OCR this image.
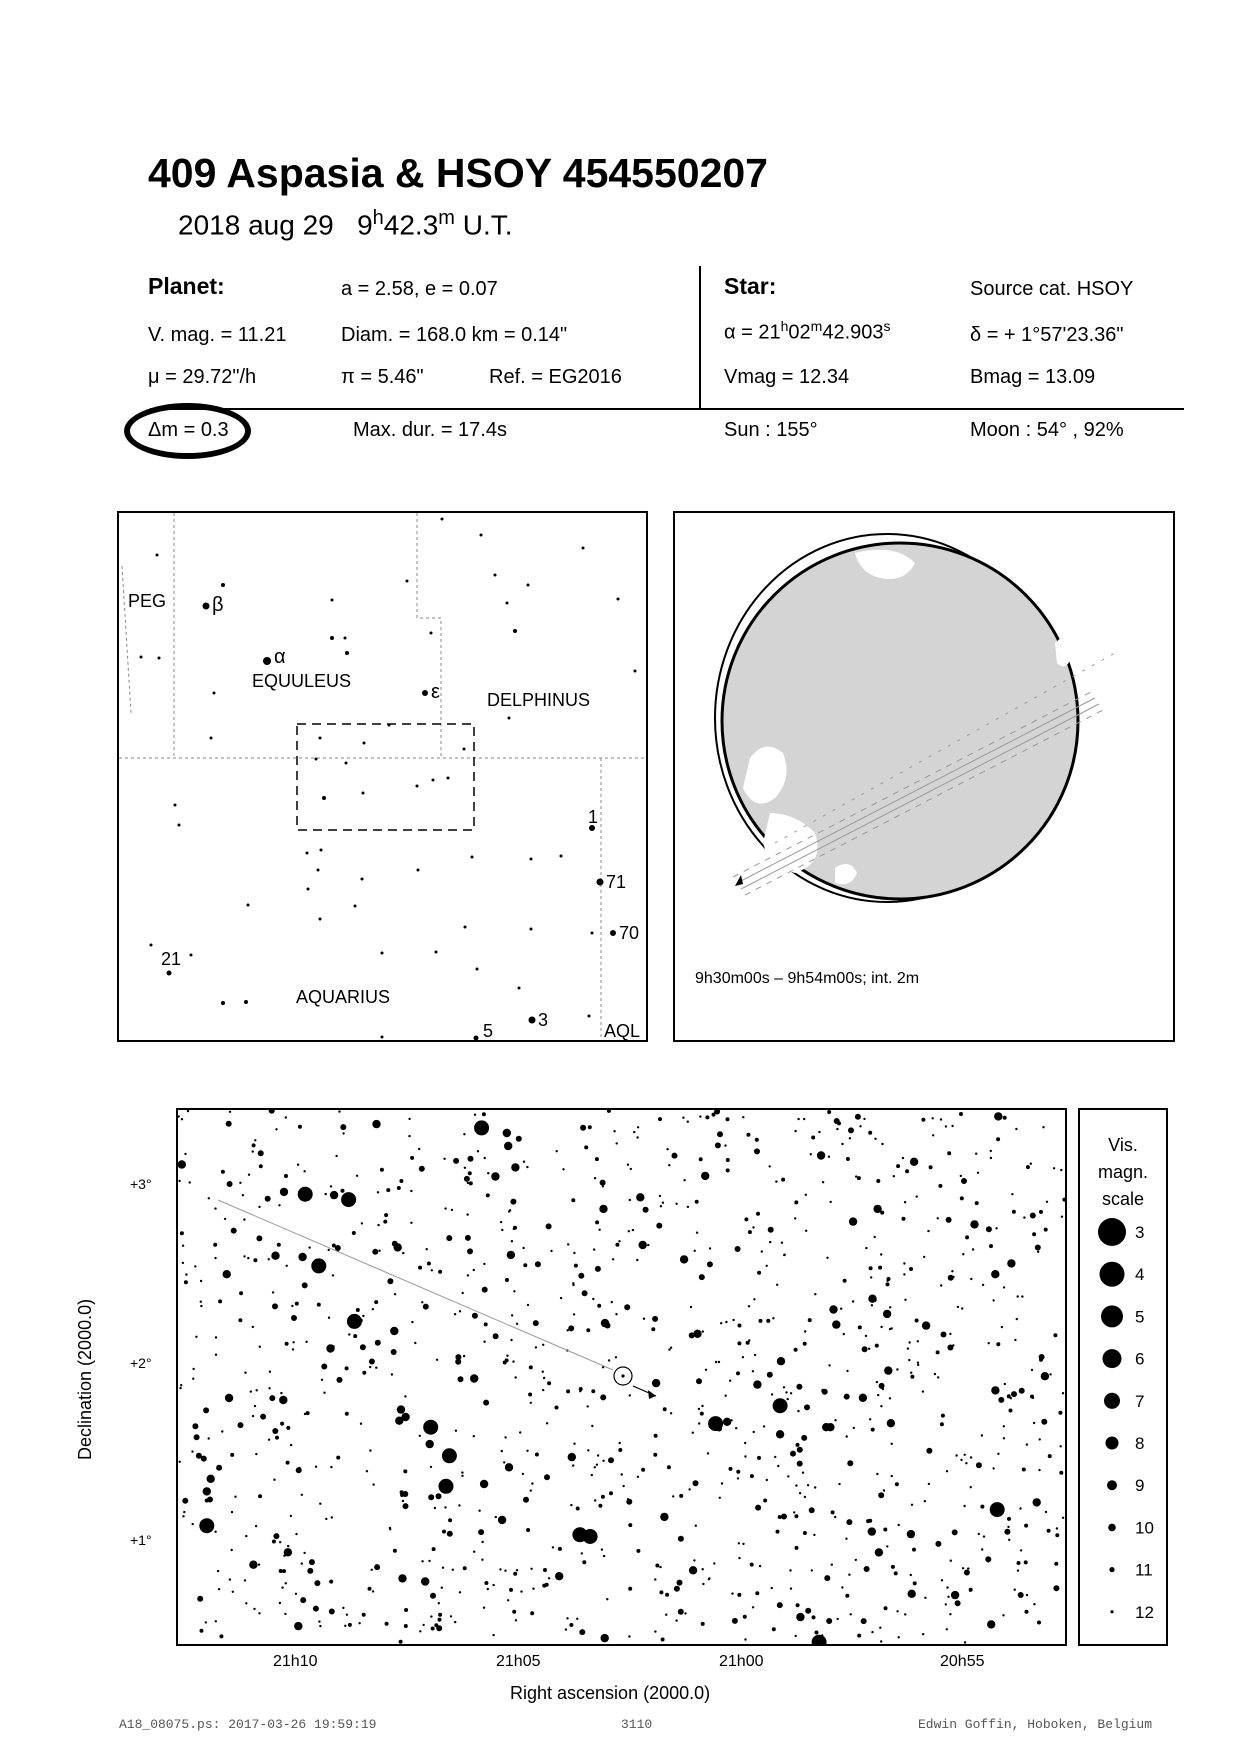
409 Aspasia & HSOY 454550207
2018 aug 29 9$^h$42.3$^m$ U.T.
Planet:	a = 2.58, e = 0.07
V. mag. = 11.21	Diam. = 168.0 km = 0.14"
μ = 29.72"/h	π = 5.46"	Ref. = EG2016
Star:	Source cat. HSOY
$\alpha = 21^h02^m42.903^s$	δ = + 1°57'23.36"
Vmag = 12.34	Bmag = 13.09
Δm = 0.3	Max. dur. = 17.4s	Sun : 155°	Moon : 54° , 92%
PEG
EQUULEUS
DELPHINUS
AQUARIUS
AQL
β
α
ε
1
71
70
21
3
5
9h30m00s – 9h54m00s; int. 2m
Declination (2000.0)
Right ascension (2000.0)
+3°
+2°
+1°
21h10	21h05	21h00	20h55
Vis.
magn.
scale
3
4
5
6
7
8
9
10
11
12
A18_08075.ps: 2017-03-26 19:59:19	3110	Edwin Goffin, Hoboken, Belgium
